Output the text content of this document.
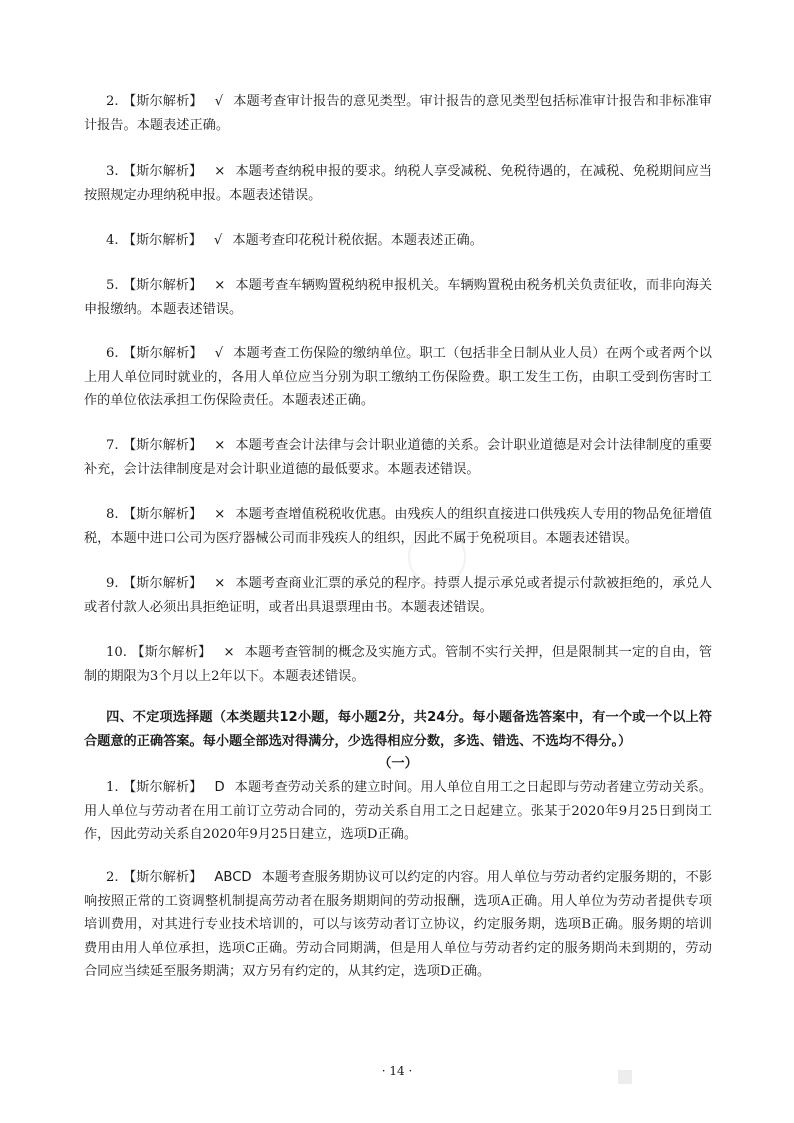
2. 【斯尔解析】 √ 本题考查审计报告的意见类型。审计报告的意见类型包括标准审计报告和非标准审计报告。本题表述正确。

3. 【斯尔解析】 × 本题考查纳税申报的要求。纳税人享受减税、免税待遇的，在减税、免税期间应当按照规定办理纳税申报。本题表述错误。

4. 【斯尔解析】 √ 本题考查印花税计税依据。本题表述正确。

5. 【斯尔解析】 × 本题考查车辆购置税纳税申报机关。车辆购置税由税务机关负责征收，而非向海关申报缴纳。本题表述错误。

6. 【斯尔解析】 √ 本题考查工伤保险的缴纳单位。职工（包括非全日制从业人员）在两个或者两个以上用人单位同时就业的，各用人单位应当分别为职工缴纳工伤保险费。职工发生工伤，由职工受到伤害时工作的单位依法承担工伤保险责任。本题表述正确。

7. 【斯尔解析】 × 本题考查会计法律与会计职业道德的关系。会计职业道德是对会计法律制度的重要补充，会计法律制度是对会计职业道德的最低要求。本题表述错误。

8. 【斯尔解析】 × 本题考查增值税税收优惠。由残疾人的组织直接进口供残疾人专用的物品免征增值税，本题中进口公司为医疗器械公司而非残疾人的组织，因此不属于免税项目。本题表述错误。

9. 【斯尔解析】 × 本题考查商业汇票的承兑的程序。持票人提示承兑或者提示付款被拒绝的，承兑人或者付款人必须出具拒绝证明，或者出具退票理由书。本题表述错误。

10. 【斯尔解析】 × 本题考查管制的概念及实施方式。管制不实行关押，但是限制其一定的自由，管制的期限为3个月以上2年以下。本题表述错误。

四、不定项选择题（本类题共12小题，每小题2分，共24分。每小题备选答案中，有一个或一个以上符合题意的正确答案。每小题全部选对得满分，少选得相应分数，多选、错选、不选均不得分。）

（一）

1. 【斯尔解析】 D 本题考查劳动关系的建立时间。用人单位自用工之日起即与劳动者建立劳动关系。用人单位与劳动者在用工前订立劳动合同的，劳动关系自用工之日起建立。张某于2020年9月25日到岗工作，因此劳动关系自2020年9月25日建立，选项D正确。

2. 【斯尔解析】 ABCD 本题考查服务期协议可以约定的内容。用人单位与劳动者约定服务期的，不影响按照正常的工资调整机制提高劳动者在服务期期间的劳动报酬，选项A正确。用人单位为劳动者提供专项培训费用，对其进行专业技术培训的，可以与该劳动者订立协议，约定服务期，选项B正确。服务期的培训费用由用人单位承担，选项C正确。劳动合同期满，但是用人单位与劳动者约定的服务期尚未到期的，劳动合同应当续延至服务期满；双方另有约定的，从其约定，选项D正确。

· 14 ·
